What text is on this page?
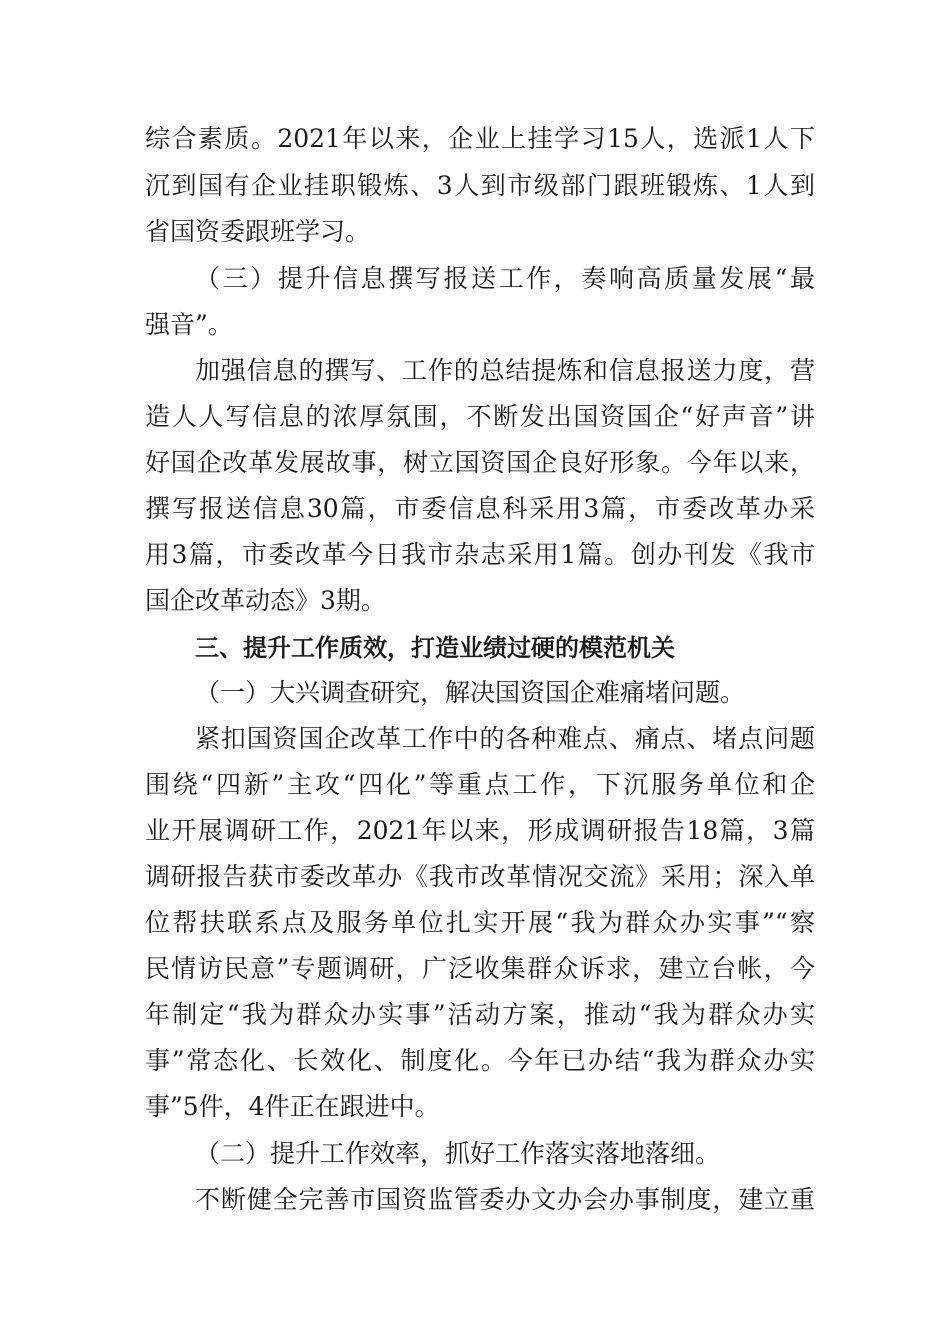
综合素质。2021年以来，企业上挂学习15人，选派1人下
沉到国有企业挂职锻炼、3人到市级部门跟班锻炼、1人到
省国资委跟班学习。
（三）提升信息撰写报送工作，奏响高质量发展“最
强音”。
加强信息的撰写、工作的总结提炼和信息报送力度，营
造人人写信息的浓厚氛围，不断发出国资国企“好声音”讲
好国企改革发展故事，树立国资国企良好形象。今年以来，
撰写报送信息30篇，市委信息科采用3篇，市委改革办采
用3篇，市委改革今日我市杂志采用1篇。创办刊发《我市
国企改革动态》3期。
三、提升工作质效，打造业绩过硬的模范机关
（一）大兴调查研究，解决国资国企难痛堵问题。
紧扣国资国企改革工作中的各种难点、痛点、堵点问题
围绕“四新”主攻“四化”等重点工作，下沉服务单位和企
业开展调研工作，2021年以来，形成调研报告18篇，3篇
调研报告获市委改革办《我市改革情况交流》采用；深入单
位帮扶联系点及服务单位扎实开展“我为群众办实事”“察
民情访民意”专题调研，广泛收集群众诉求，建立台帐，今
年制定“我为群众办实事”活动方案，推动“我为群众办实
事”常态化、长效化、制度化。今年已办结“我为群众办实
事”5件，4件正在跟进中。
（二）提升工作效率，抓好工作落实落地落细。
不断健全完善市国资监管委办文办会办事制度，建立重
